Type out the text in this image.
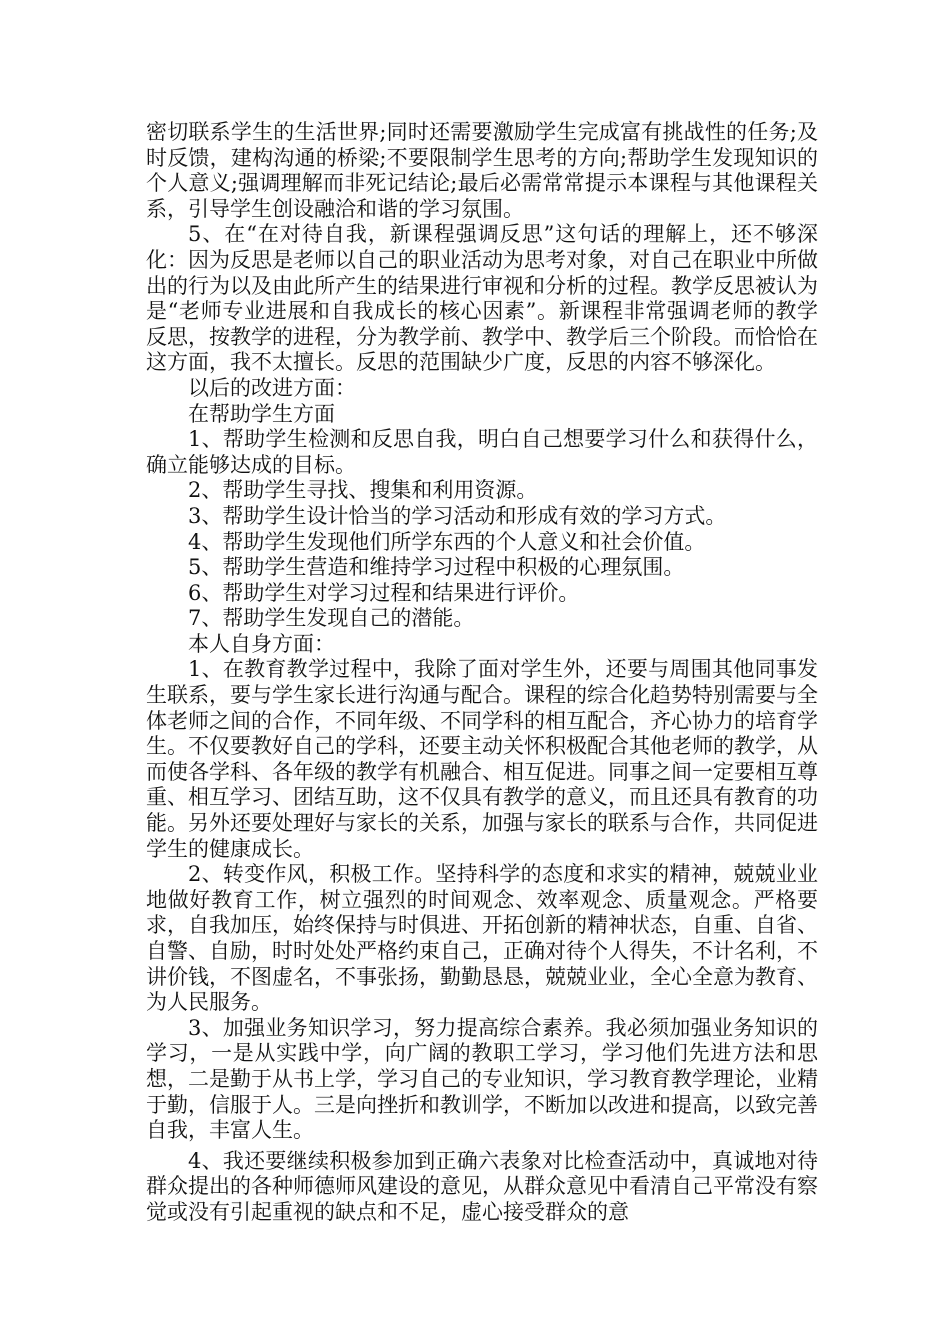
密切联系学生的生活世界;同时还需要激励学生完成富有挑战性的任务;及时反馈，建构沟通的桥梁;不要限制学生思考的方向;帮助学生发现知识的个人意义;强调理解而非死记结论;最后必需常常提示本课程与其他课程关系，引导学生创设融洽和谐的学习氛围。

5、在“在对待自我，新课程强调反思”这句话的理解上，还不够深化：因为反思是老师以自己的职业活动为思考对象，对自己在职业中所做出的行为以及由此所产生的结果进行审视和分析的过程。教学反思被认为是“老师专业进展和自我成长的核心因素”。新课程非常强调老师的教学反思，按教学的进程，分为教学前、教学中、教学后三个阶段。而恰恰在这方面，我不太擅长。反思的范围缺少广度，反思的内容不够深化。

以后的改进方面：

在帮助学生方面

1、帮助学生检测和反思自我，明白自己想要学习什么和获得什么，确立能够达成的目标。

2、帮助学生寻找、搜集和利用资源。

3、帮助学生设计恰当的学习活动和形成有效的学习方式。

4、帮助学生发现他们所学东西的个人意义和社会价值。

5、帮助学生营造和维持学习过程中积极的心理氛围。

6、帮助学生对学习过程和结果进行评价。

7、帮助学生发现自己的潜能。

本人自身方面：

1、在教育教学过程中，我除了面对学生外，还要与周围其他同事发生联系，要与学生家长进行沟通与配合。课程的综合化趋势特别需要与全体老师之间的合作，不同年级、不同学科的相互配合，齐心协力的培育学生。不仅要教好自己的学科，还要主动关怀积极配合其他老师的教学，从而使各学科、各年级的教学有机融合、相互促进。同事之间一定要相互尊重、相互学习、团结互助，这不仅具有教学的意义，而且还具有教育的功能。另外还要处理好与家长的关系，加强与家长的联系与合作，共同促进学生的健康成长。

2、转变作风，积极工作。坚持科学的态度和求实的精神，兢兢业业地做好教育工作，树立强烈的时间观念、效率观念、质量观念。严格要求，自我加压，始终保持与时俱进、开拓创新的精神状态，自重、自省、自警、自励，时时处处严格约束自己，正确对待个人得失，不计名利，不讲价钱，不图虚名，不事张扬，勤勤恳恳，兢兢业业，全心全意为教育、为人民服务。

3、加强业务知识学习，努力提高综合素养。我必须加强业务知识的学习，一是从实践中学，向广阔的教职工学习，学习他们先进方法和思想，二是勤于从书上学，学习自己的专业知识，学习教育教学理论，业精于勤，信服于人。三是向挫折和教训学，不断加以改进和提高，以致完善自我，丰富人生。

4、我还要继续积极参加到正确六表象对比检查活动中，真诚地对待群众提出的各种师德师风建设的意见，从群众意见中看清自己平常没有察觉或没有引起重视的缺点和不足，虚心接受群众的意
